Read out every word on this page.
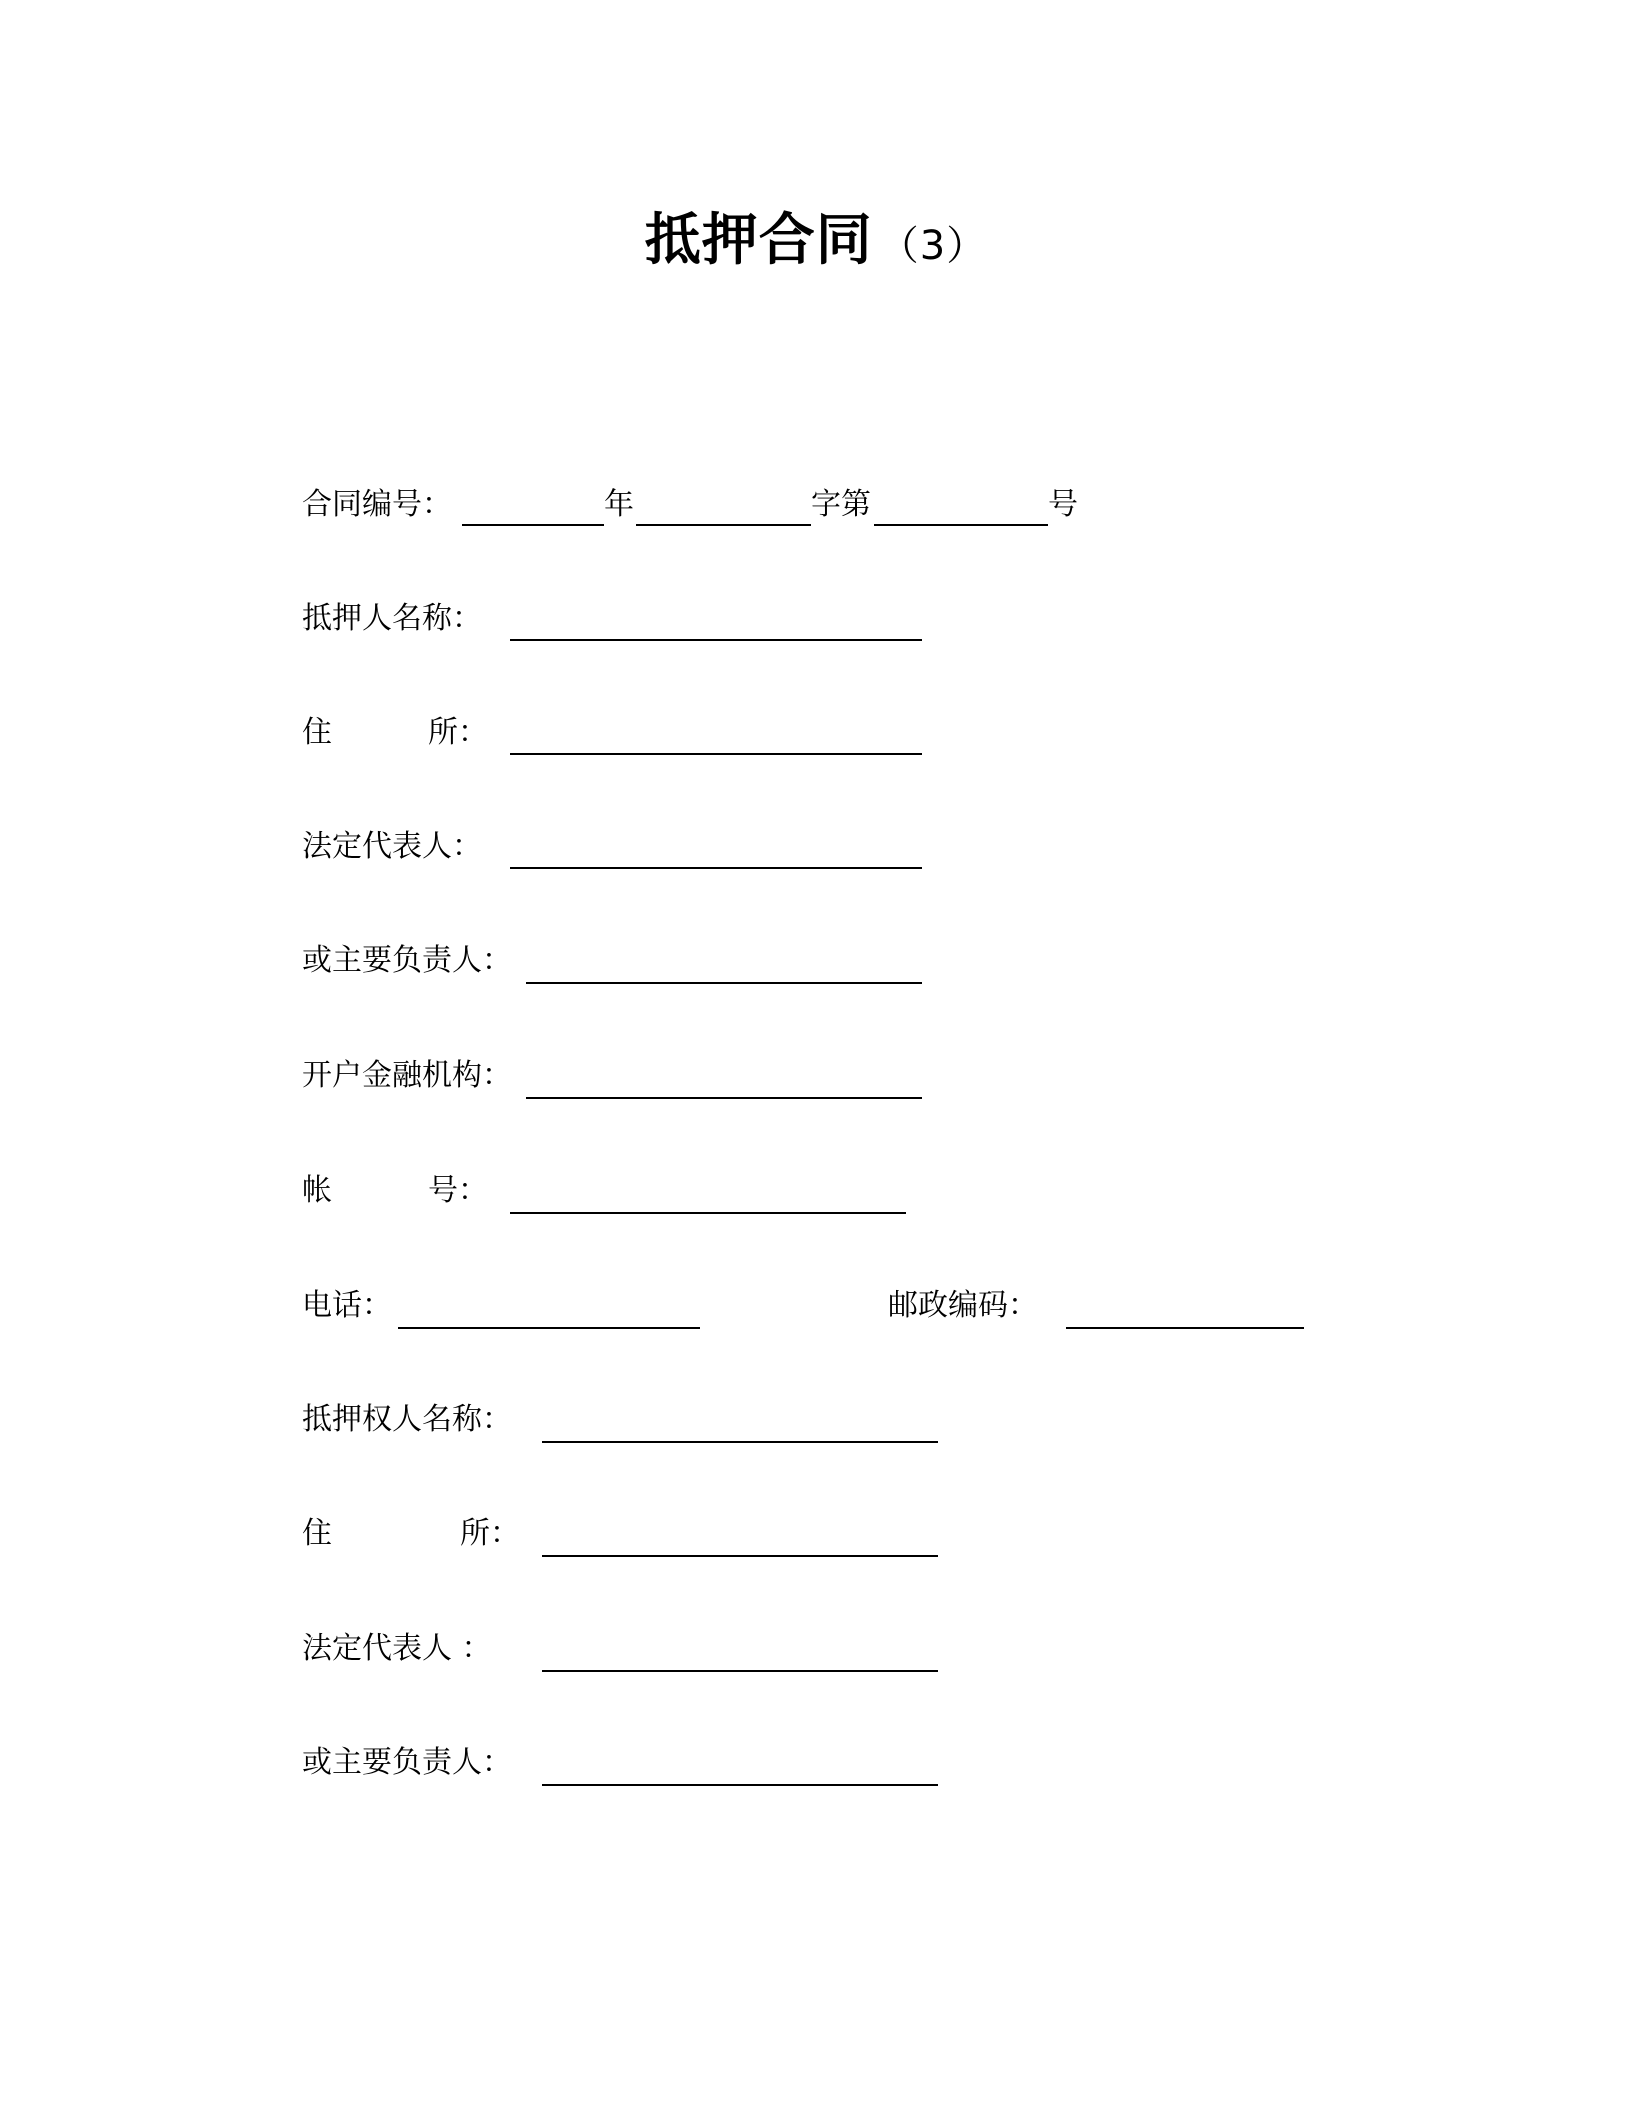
抵押合同 （3）
合同编号：	年	字第	号
抵押人名称：
住	所：
法定代表人：
或主要负责人：
开户金融机构：
帐	号：
电话：	邮政编码：
抵押权人名称：
住	所：
法定代表人 ：
或主要负责人：
